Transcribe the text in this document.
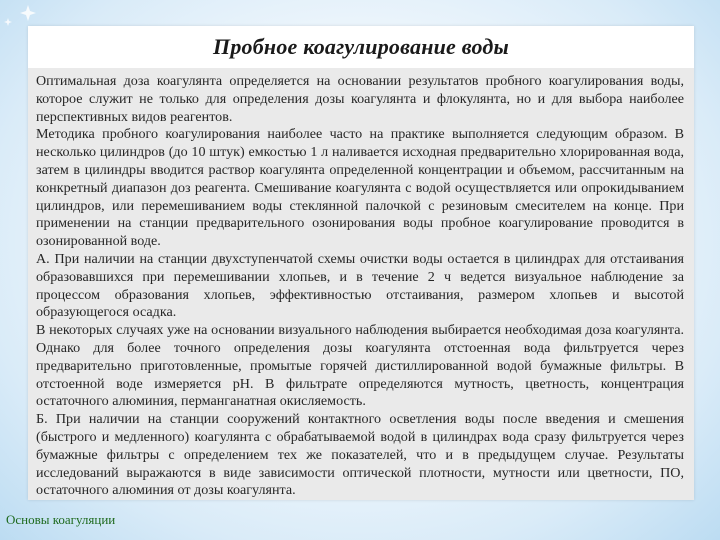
Пробное коагулирование воды

Оптимальная доза коагулянта определяется на основании результатов пробного коагулирования воды, которое служит не только для определения дозы коагулянта и флокулянта, но и для выбора наиболее перспективных видов реагентов.

Методика пробного коагулирования наиболее часто на практике выполняется следующим образом. В несколько цилиндров (до 10 штук) емкостью 1 л наливается исходная предварительно хлорированная вода, затем в цилиндры вводится раствор коагулянта определенной концентрации и объемом, рассчитанным на конкретный диапазон доз реагента. Смешивание коагулянта с водой осуществляется или опрокидыванием цилиндров, или перемешиванием воды стеклянной палочкой с резиновым смесителем на конце. При применении на станции предварительного озонирования воды пробное коагулирование проводится в озонированной воде.

А. При наличии на станции двухступенчатой схемы очистки воды остается в цилиндрах для отстаивания образовавшихся при перемешивании хлопьев, и в течение 2 ч ведется визуальное наблюдение за процессом образования хлопьев, эффективностью отстаивания, размером хлопьев и высотой образующегося осадка.

В некоторых случаях уже на основании визуального наблюдения выбирается необходимая доза коагулянта. Однако для более точного определения дозы коагулянта отстоенная вода фильтруется через предварительно приготовленные, промытые горячей дистиллированной водой бумажные фильтры. В отстоенной воде измеряется pH. В фильтрате определяются мутность, цветность, концентрация остаточного алюминия, перманганатная окисляемость.

Б. При наличии на станции сооружений контактного осветления воды после введения и смешения (быстрого и медленного) коагулянта с обрабатываемой водой в цилиндрах вода сразу фильтруется через бумажные фильтры с определением тех же показателей, что и в предыдущем случае. Результаты исследований выражаются в виде зависимости оптической плотности, мутности или цветности, ПО, остаточного алюминия от дозы коагулянта.

Основы коагуляции
